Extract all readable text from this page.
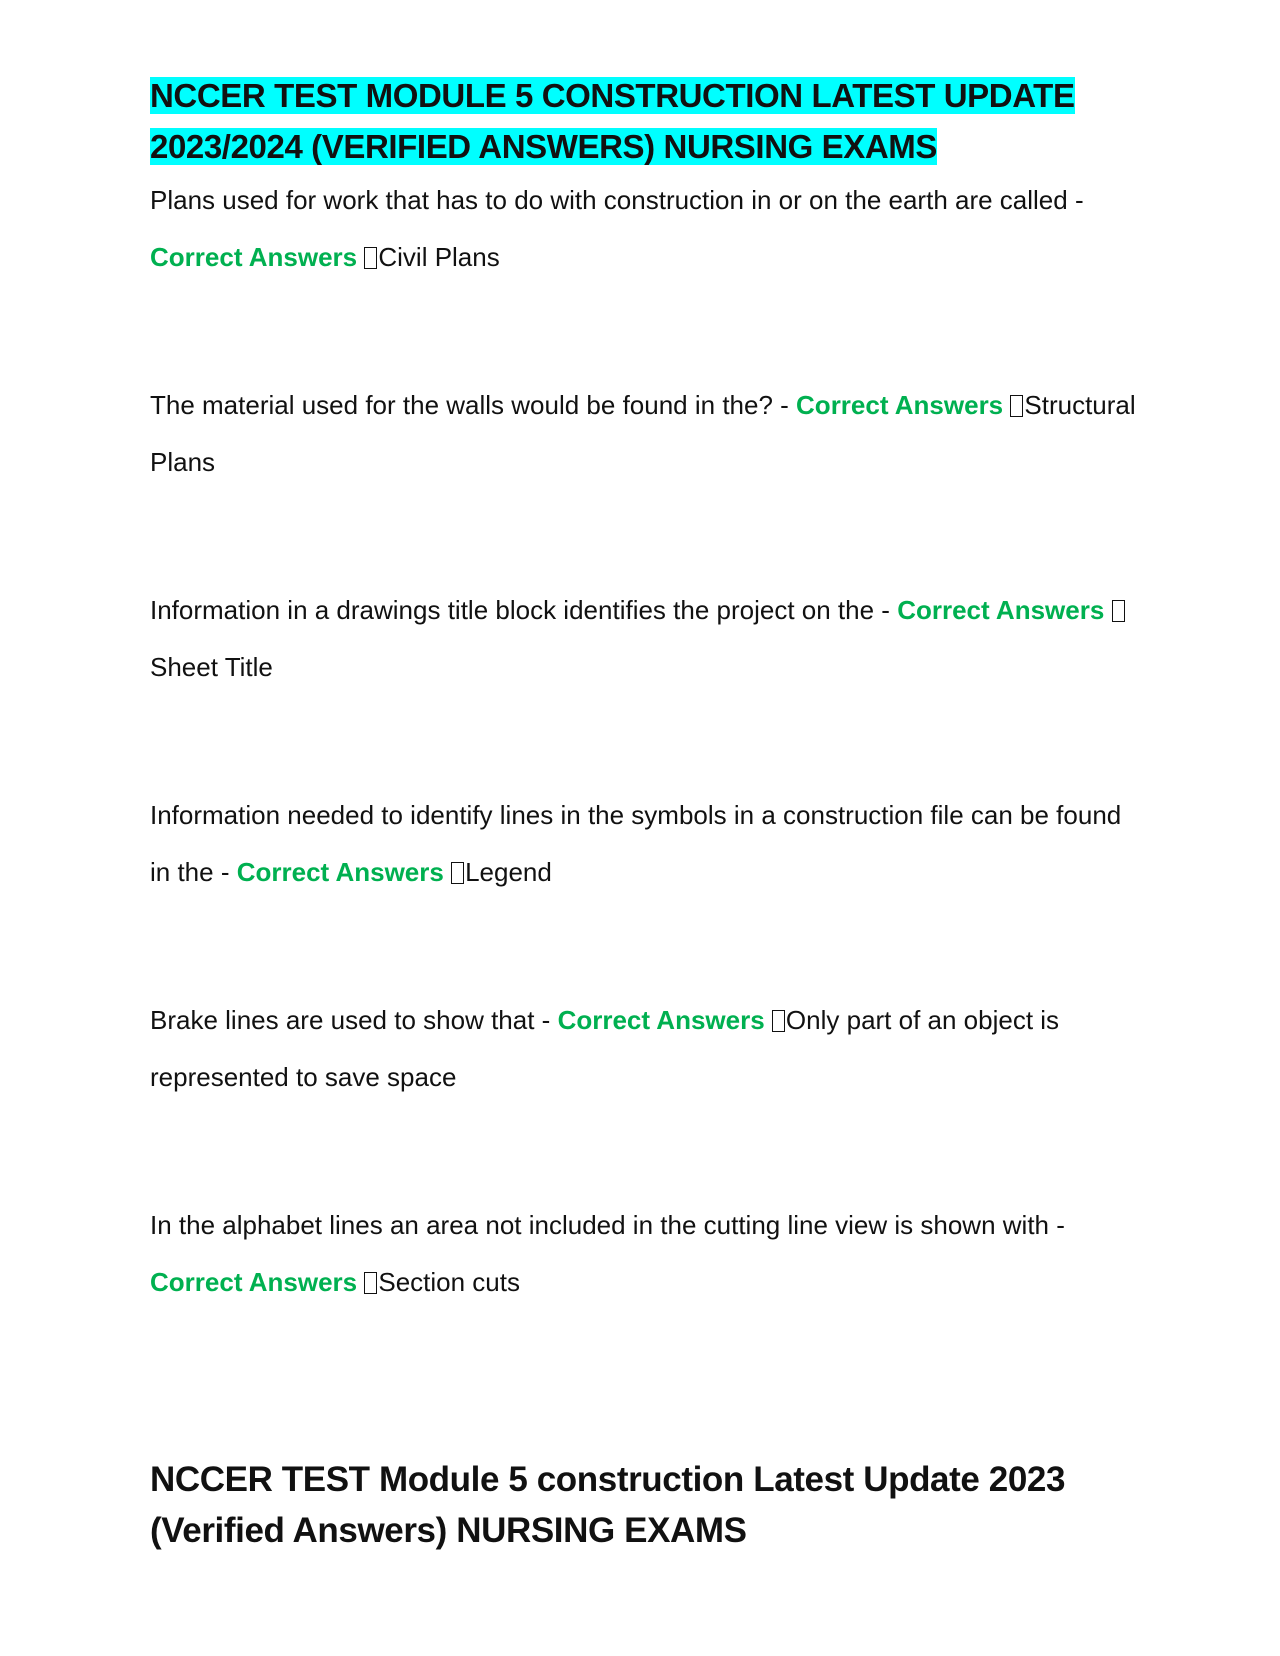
NCCER TEST MODULE 5 CONSTRUCTION LATEST UPDATE 2023/2024 (VERIFIED ANSWERS) NURSING EXAMS

Plans used for work that has to do with construction in or on the earth are called - Correct Answers Civil Plans

The material used for the walls would be found in the? - Correct Answers Structural Plans

Information in a drawings title block identifies the project on the - Correct Answers Sheet Title

Information needed to identify lines in the symbols in a construction file can be found in the - Correct Answers Legend

Brake lines are used to show that - Correct Answers Only part of an object is represented to save space

In the alphabet lines an area not included in the cutting line view is shown with - Correct Answers Section cuts

NCCER TEST Module 5 construction Latest Update 2023 (Verified Answers) NURSING EXAMS
